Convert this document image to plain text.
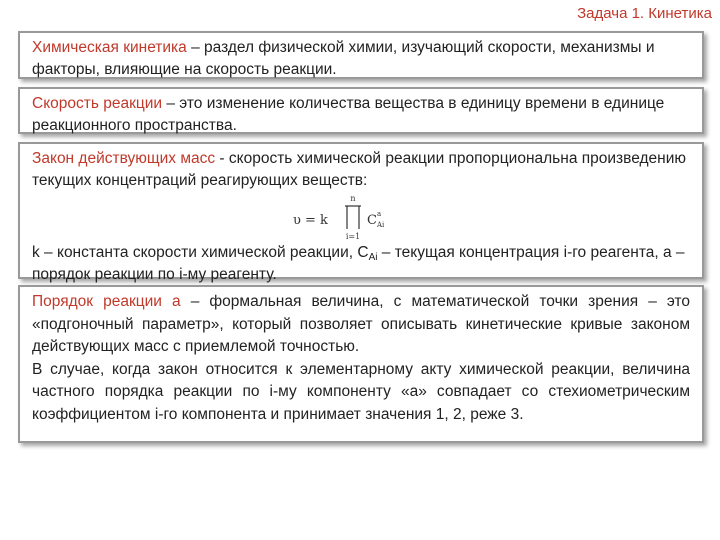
Задача 1. Кинетика
Химическая кинетика – раздел физической химии, изучающий скорости, механизмы и факторы, влияющие на скорость реакции.
Скорость реакции – это изменение количества вещества в единицу времени в единице реакционного пространства.
Закон действующих масс - скорость химической реакции пропорциональна произведению текущих концентраций реагирующих веществ:
υ = k
n
i=1
C a
Ai
k – константа скорости химической реакции, $C_{Ai}$ – текущая концентрация i-го реагента, a – порядок реакции по i-му реагенту.
Порядок реакции a – формальная величина, с математической точки зрения – это «подгоночный параметр», который позволяет описывать кинетические кривые законом действующих масс с приемлемой точностью.
В случае, когда закон относится к элементарному акту химической реакции, величина частного порядка реакции по i-му компоненту «a» совпадает со стехиометрическим коэффициентом i-го компонента и принимает значения 1, 2, реже 3.
